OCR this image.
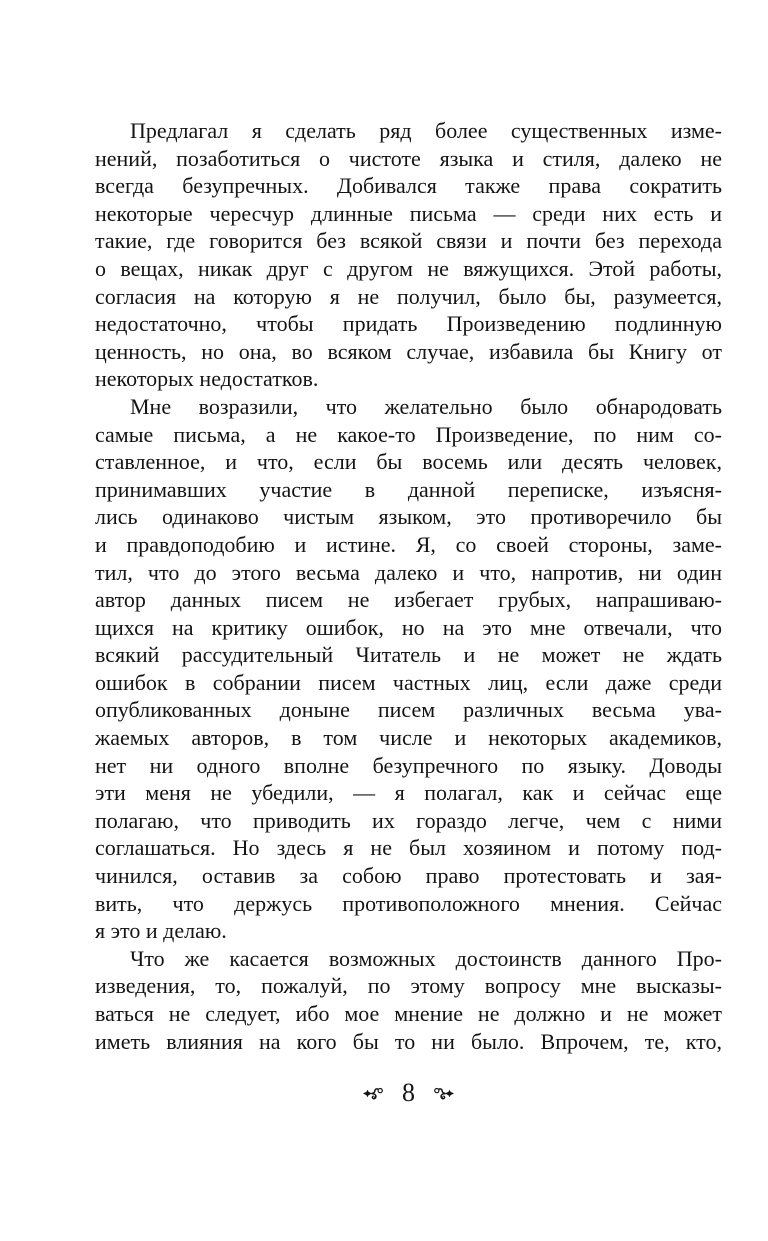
Предлагал я сделать ряд более существенных изме-
нений, позаботиться о чистоте языка и стиля, далеко не
всегда безупречных. Добивался также права сократить
некоторые чересчур длинные письма — среди них есть и
такие, где говорится без всякой связи и почти без перехода
о вещах, никак друг с другом не вяжущихся. Этой работы,
согласия на которую я не получил, было бы, разумеется,
недостаточно, чтобы придать Произведению подлинную
ценность, но она, во всяком случае, избавила бы Книгу от
некоторых недостатков.
Мне возразили, что желательно было обнародовать
самые письма, а не какое-то Произведение, по ним со-
ставленное, и что, если бы восемь или десять человек,
принимавших участие в данной переписке, изъясня-
лись одинаково чистым языком, это противоречило бы
и правдоподобию и истине. Я, со своей стороны, заме-
тил, что до этого весьма далеко и что, напротив, ни один
автор данных писем не избегает грубых, напрашиваю-
щихся на критику ошибок, но на это мне отвечали, что
всякий рассудительный Читатель и не может не ждать
ошибок в собрании писем частных лиц, если даже среди
опубликованных доныне писем различных весьма ува-
жаемых авторов, в том числе и некоторых академиков,
нет ни одного вполне безупречного по языку. Доводы
эти меня не убедили, — я полагал, как и сейчас еще
полагаю, что приводить их гораздо легче, чем с ними
соглашаться. Но здесь я не был хозяином и потому под-
чинился, оставив за собою право протестовать и зая-
вить, что держусь противоположного мнения. Сейчас
я это и делаю.
Что же касается возможных достоинств данного Про-
изведения, то, пожалуй, по этому вопросу мне высказы-
ваться не следует, ибо мое мнение не должно и не может
иметь влияния на кого бы то ни было. Впрочем, те, кто,
8
